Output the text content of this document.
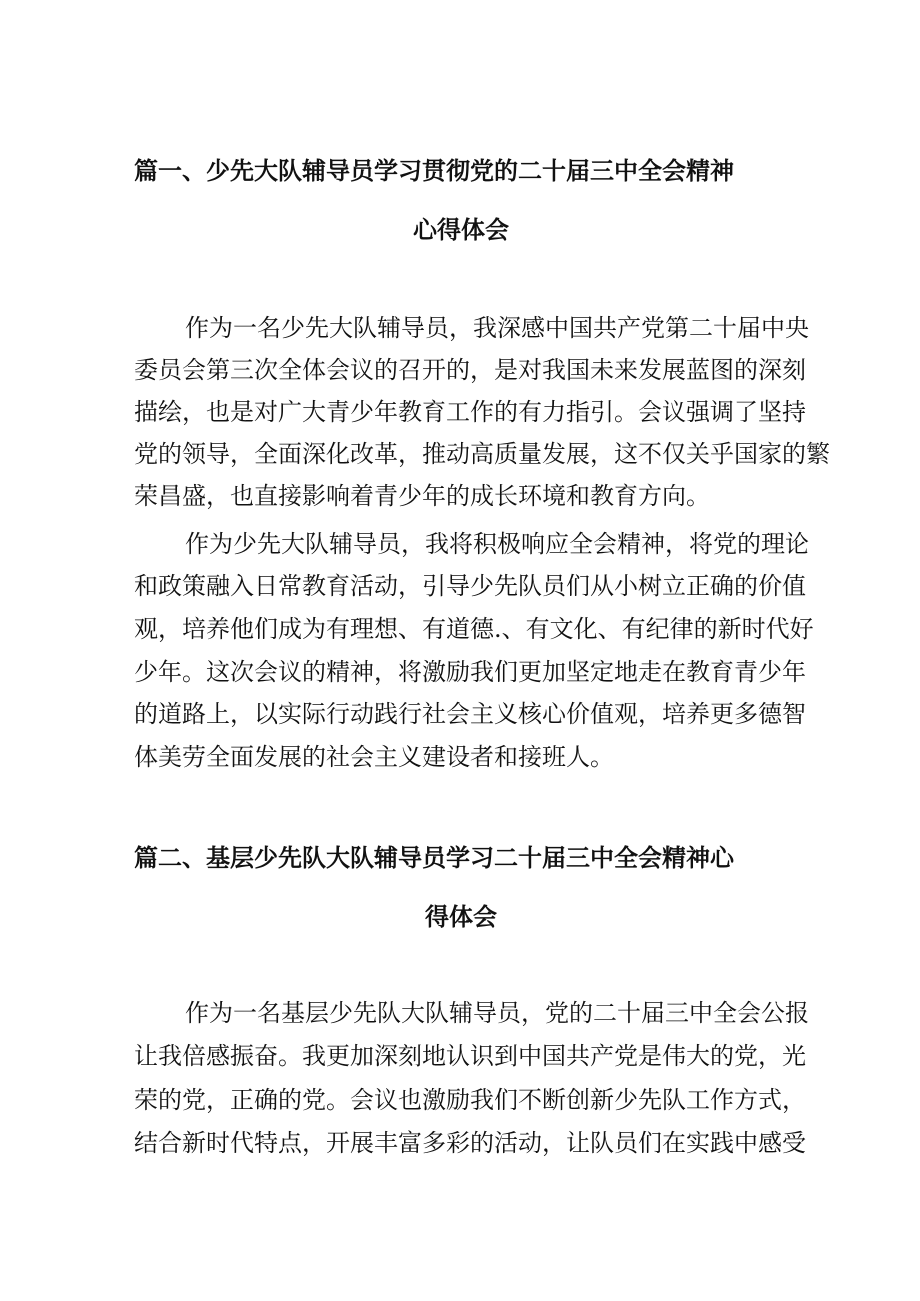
篇一、少先大队辅导员学习贯彻党的二十届三中全会精神
心得体会
作为一名少先大队辅导员，我深感中国共产党第二十届中央
委员会第三次全体会议的召开的，是对我国未来发展蓝图的深刻
描绘，也是对广大青少年教育工作的有力指引。会议强调了坚持
党的领导，全面深化改革，推动高质量发展，这不仅关乎国家的繁
荣昌盛，也直接影响着青少年的成长环境和教育方向。
作为少先大队辅导员，我将积极响应全会精神，将党的理论
和政策融入日常教育活动，引导少先队员们从小树立正确的价值
观，培养他们成为有理想、有道德.、有文化、有纪律的新时代好
少年。这次会议的精神，将激励我们更加坚定地走在教育青少年
的道路上，以实际行动践行社会主义核心价值观，培养更多德智
体美劳全面发展的社会主义建设者和接班人。
篇二、基层少先队大队辅导员学习二十届三中全会精神心
得体会
作为一名基层少先队大队辅导员，党的二十届三中全会公报
让我倍感振奋。我更加深刻地认识到中国共产党是伟大的党，光
荣的党，正确的党。会议也激励我们不断创新少先队工作方式，
结合新时代特点，开展丰富多彩的活动，让队员们在实践中感受
